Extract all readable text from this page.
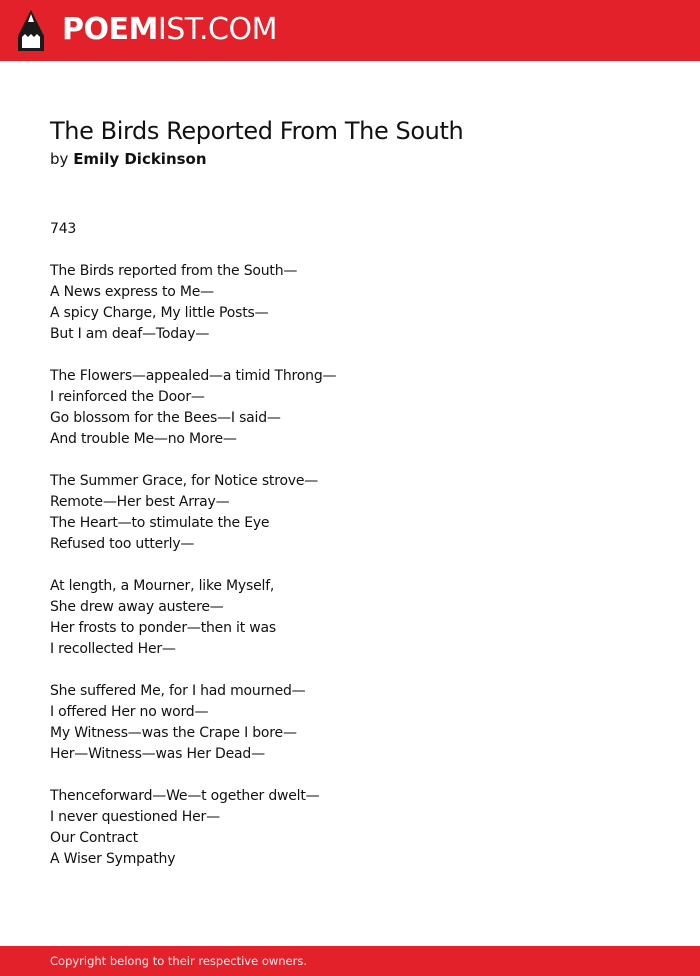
POEMIST.COM
The Birds Reported From The South
by Emily Dickinson
743
The Birds reported from the South—
A News express to Me—
A spicy Charge, My little Posts—
But I am deaf—Today—
The Flowers—appealed—a timid Throng—
I reinforced the Door—
Go blossom for the Bees—I said—
And trouble Me—no More—
The Summer Grace, for Notice strove—
Remote—Her best Array—
The Heart—to stimulate the Eye
Refused too utterly—
At length, a Mourner, like Myself,
She drew away austere—
Her frosts to ponder—then it was
I recollected Her—
She suffered Me, for I had mourned—
I offered Her no word—
My Witness—was the Crape I bore—
Her—Witness—was Her Dead—
Thenceforward—We—t ogether dwelt—
I never questioned Her—
Our Contract
A Wiser Sympathy
Copyright belong to their respective owners.
